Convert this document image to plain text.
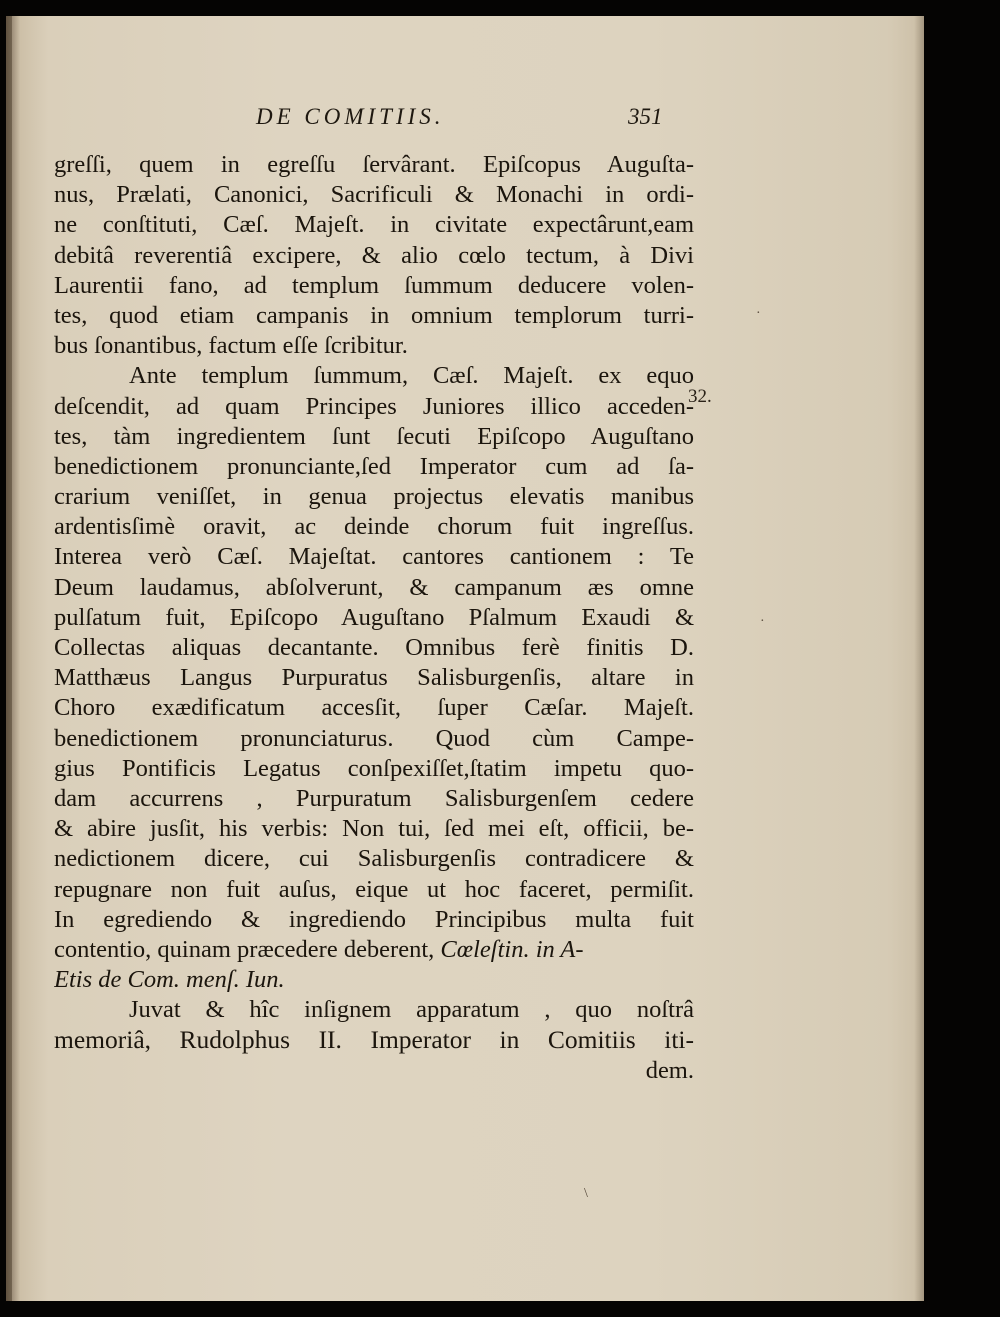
DE COMITIIS.	351
32.
greſſi, quem in egreſſu ſervârant. Epiſcopus Auguſta-
nus, Prælati, Canonici, Sacrificuli & Monachi in ordi-
ne conſtituti, Cæſ. Majeſt. in civitate expectârunt,eam
debitâ reverentiâ excipere, & alio cœlo tectum, à Divi
Laurentii fano, ad templum ſummum deducere volen-
tes, quod etiam campanis in omnium templorum turri-
bus ſonantibus, factum eſſe ſcribitur.
Ante templum ſummum, Cæſ. Majeſt. ex equo
deſcendit, ad quam Principes Juniores illico acceden-
tes, tàm ingredientem ſunt ſecuti Epiſcopo Auguſtano
benedictionem pronunciante,ſed Imperator cum ad ſa-
crarium veniſſet, in genua projectus elevatis manibus
ardentisſimè oravit, ac deinde chorum fuit ingreſſus.
Interea verò Cæſ. Majeſtat. cantores cantionem : Te
Deum laudamus, abſolverunt, & campanum æs omne
pulſatum fuit, Epiſcopo Auguſtano Pſalmum Exaudi &
Collectas aliquas decantante. Omnibus ferè finitis D.
Matthæus Langus Purpuratus Salisburgenſis, altare in
Choro exædificatum accesſit, ſuper Cæſar. Majeſt.
benedictionem pronunciaturus. Quod cùm Campe-
gius Pontificis Legatus conſpexiſſet,ſtatim impetu quo-
dam accurrens , Purpuratum Salisburgenſem cedere
& abire jusſit, his verbis: Non tui, ſed mei eſt, officii, be-
nedictionem dicere, cui Salisburgenſis contradicere &
repugnare non fuit auſus, eique ut hoc faceret, permiſit.
In egrediendo & ingrediendo Principibus multa fuit
contentio, quinam præcedere deberent, Cœleſtin. in A-
Etis de Com. menſ. Iun.
Juvat & hîc inſignem apparatum , quo noſtrâ
memoriâ, Rudolphus II. Imperator in Comitiis iti-
dem.
·
·
\
